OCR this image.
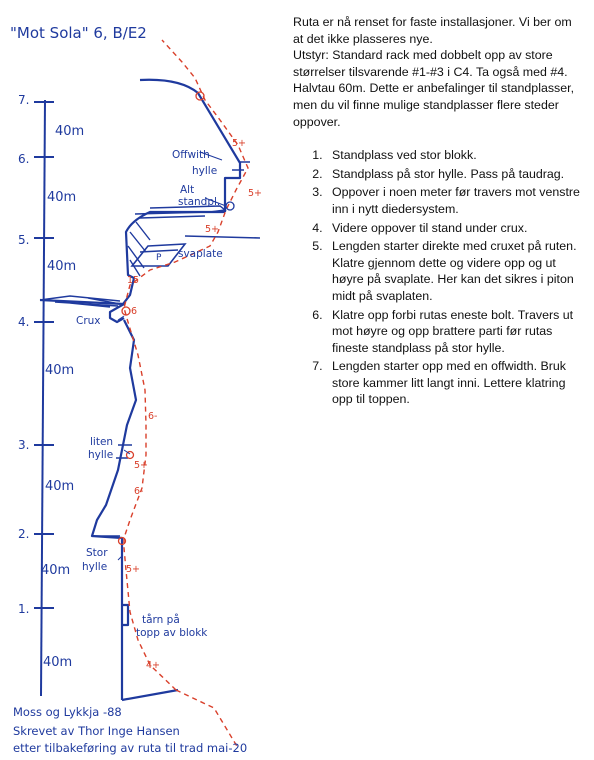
"Mot Sola" 6, B/E2
7.
6.
5.
4.
3.
2.
1.
40m
40m
40m
40m
40m
40m
40m
Offwith
hylle
Alt
standpl.
svaplate
Crux
liten
hylle
Stor
hylle
tårn på
topp av blokk
P
4+
5+
5+
6-
6-
6
15
5+
5+
5+
Moss og Lykkja -88
Skrevet av Thor Inge Hansen
etter tilbakeføring av ruta til trad mai-20

Ruta er nå renset for faste installasjoner. Vi ber om at det ikke plasseres nye.

Utstyr: Standard rack med dobbelt opp av store størrelser tilsvarende #1-#3 i C4. Ta også med #4. Halvtau 60m. Dette er anbefalinger til standplasser, men du vil finne mulige standplasser flere steder oppover.

1. Standplass ved stor blokk.
2. Standplass på stor hylle. Pass på taudrag.
3. Oppover i noen meter før travers mot venstre inn i nytt diedersystem.
4. Videre oppover til stand under crux.
5. Lengden starter direkte med cruxet på ruten. Klatre gjennom dette og videre opp og ut høyre på svaplate. Her kan det sikres i piton midt på svaplaten.
6. Klatre opp forbi rutas eneste bolt. Travers ut mot høyre og opp brattere parti før rutas fineste standplass på stor hylle.
7. Lengden starter opp med en offwidth. Bruk store kammer litt langt inni. Lettere klatring opp til toppen.
